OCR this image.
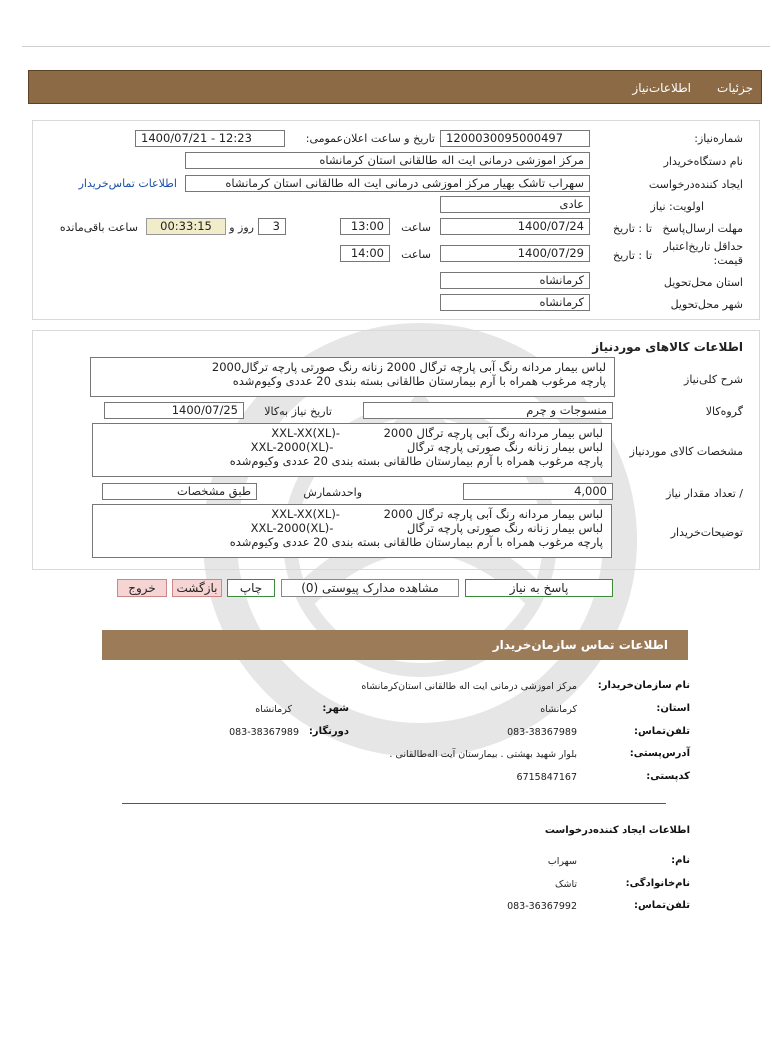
جزئیات
اطلاعات‌نیاز
شماره‌نیاز:
1200030095000497
تاریخ و ساعت اعلان‌عمومی:
1400/07/21 - 12:23
نام دستگاه‌خریدار
مرکز اموزشی درمانی ایت اله طالقانی استان کرمانشاه
ایجاد کننده‌درخواست
سهراب تاشک بهیار مرکز اموزشی درمانی ایت اله طالقانی استان کرمانشاه
اطلاعات تماس‌خریدار
اولویت: نیاز
عادی
مهلت ارسال‌پاسخ
تا : تاریخ
1400/07/24
ساعت
13:00
3
روز و
00:33:15
ساعت باقی‌مانده
حداقل تاریخ‌اعتبار
قیمت:
تا : تاریخ
1400/07/29
ساعت
14:00
استان محل‌تحویل
کرمانشاه
شهر محل‌تحویل
کرمانشاه
اطلاعات کالاهای موردنیاز
شرح کلی‌نیاز
لباس بیمار مردانه رنگ آبی پارچه ترگال 2000 زنانه رنگ صورتی پارچه ترگال2000
پارچه مرغوب همراه با آرم بیمارستان طالقانی بسته بندی 20 عددی وکیوم‌شده
گروه‌کالا
منسوجات و چرم
تاریخ نیاز به‌کالا
1400/07/25
مشخصات کالای مورد‌نیاز
لباس بیمار مردانه رنگ آبی پارچه ترگال 2000 XXL-XX(XL)-
لباس بیمار زنانه رنگ صورتی پارچه ترگال XXL-2000(XL)-
پارچه مرغوب همراه با آرم بیمارستان طالقانی بسته بندی 20 عددی وکیوم‌شده
/ تعداد مقدار نیاز
4,000
واحد‌شمارش
طبق مشخصات
توضیحات‌خریدار
لباس بیمار مردانه رنگ آبی پارچه ترگال 2000 XXL-XX(XL)-
لباس بیمار زنانه رنگ صورتی پارچه ترگال XXL-2000(XL)-
پارچه مرغوب همراه با آرم بیمارستان طالقانی بسته بندی 20 عددی وکیوم‌شده
پاسخ به نیاز
مشاهده مدارک پیوستی (0)
چاپ
بازگشت
خروج
اطلاعات تماس سازمان‌خریدار
نام سازمان‌خریدار:
مرکز اموزشی درمانی ایت اله طالقانی استان‌کرمانشاه
استان:
کرمانشاه
شهر:
کرمانشاه
تلفن‌تماس:
083-38367989
دورنگار:
083-38367989
آدرس‌پستی:
بلوار شهید بهشتی . بیمارستان آیت اله‌طالقانی .
کد‌پستی:
6715847167
اطلاعات ایجاد کننده‌درخواست
نام:
سهراب
نام‌خانوادگی:
تاشک
تلفن‌تماس:
083-36367992
